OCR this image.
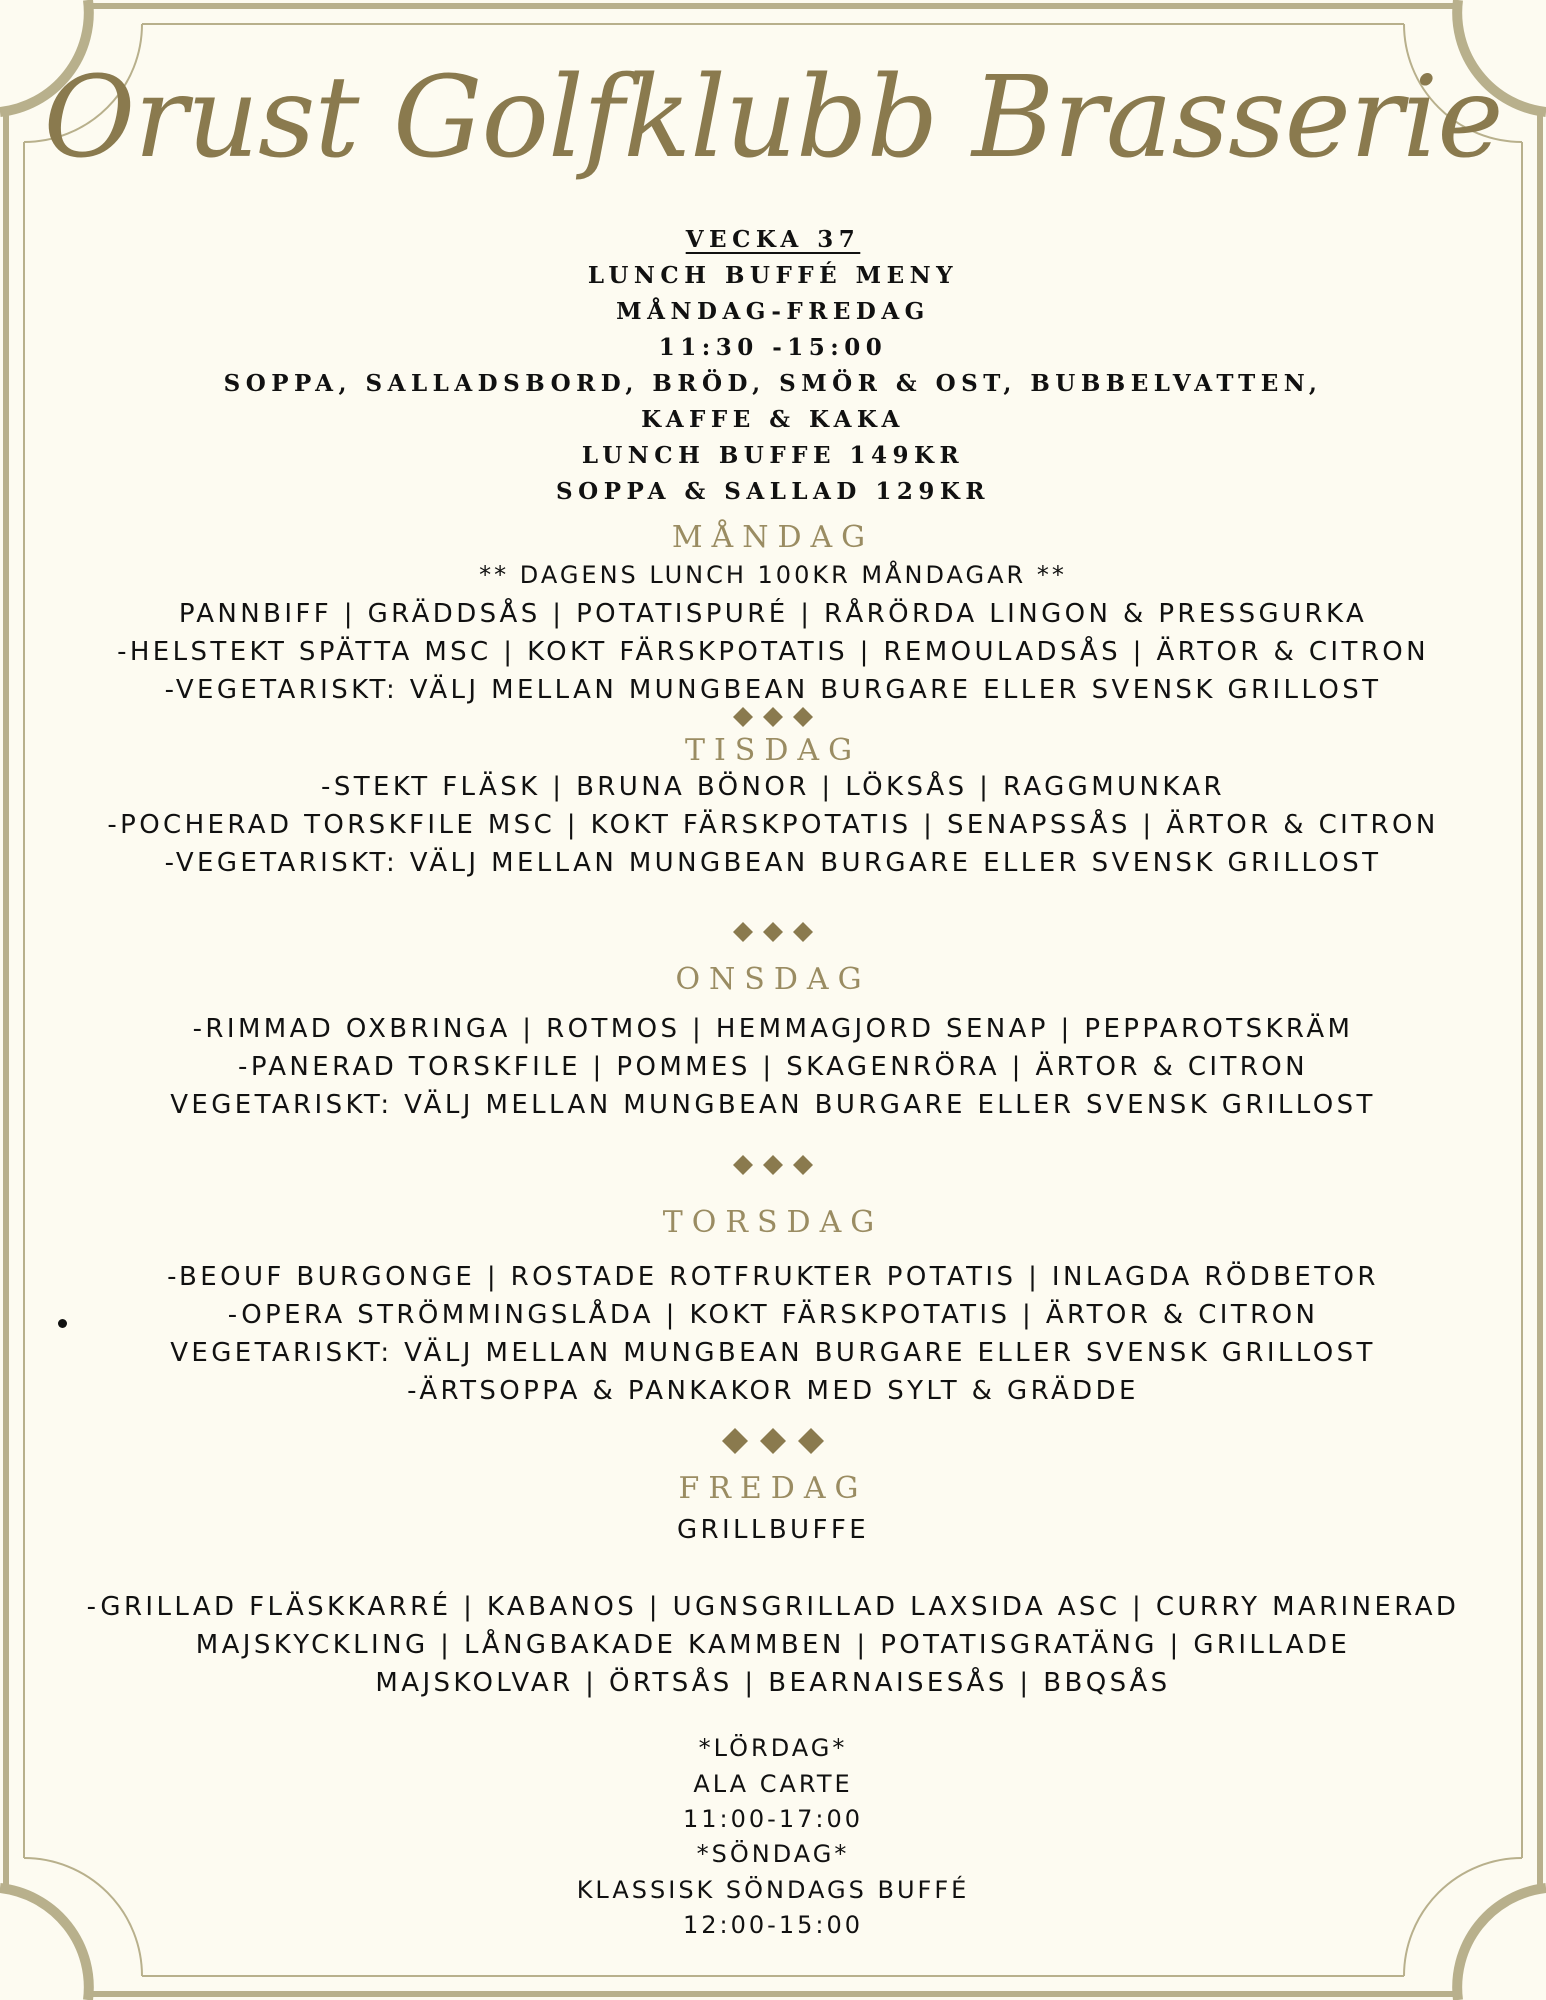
Orust Golfklubb Brasserie
VECKA 37
LUNCH BUFFÉ MENY
MÅNDAG-FREDAG
11:30 -15:00
SOPPA, SALLADSBORD, BRÖD, SMÖR & OST, BUBBELVATTEN,
KAFFE & KAKA
LUNCH BUFFE 149KR
SOPPA & SALLAD 129KR
MÅNDAG
** DAGENS LUNCH 100KR MÅNDAGAR **
PANNBIFF | GRÄDDSÅS | POTATISPURÉ | RÅRÖRDA LINGON & PRESSGURKA
-HELSTEKT SPÄTTA MSC | KOKT FÄRSKPOTATIS | REMOULADSÅS | ÄRTOR & CITRON
-VEGETARISKT: VÄLJ MELLAN MUNGBEAN BURGARE ELLER SVENSK GRILLOST
TISDAG
-STEKT FLÄSK | BRUNA BÖNOR | LÖKSÅS | RAGGMUNKAR
-POCHERAD TORSKFILE MSC | KOKT FÄRSKPOTATIS | SENAPSSÅS | ÄRTOR & CITRON
-VEGETARISKT: VÄLJ MELLAN MUNGBEAN BURGARE ELLER SVENSK GRILLOST
ONSDAG
-RIMMAD OXBRINGA | ROTMOS | HEMMAGJORD SENAP | PEPPAROTSKRÄM
-PANERAD TORSKFILE | POMMES | SKAGENRÖRA | ÄRTOR & CITRON
VEGETARISKT: VÄLJ MELLAN MUNGBEAN BURGARE ELLER SVENSK GRILLOST
TORSDAG
-BEOUF BURGONGE | ROSTADE ROTFRUKTER POTATIS | INLAGDA RÖDBETOR
-OPERA STRÖMMINGSLÅDA | KOKT FÄRSKPOTATIS | ÄRTOR & CITRON
VEGETARISKT: VÄLJ MELLAN MUNGBEAN BURGARE ELLER SVENSK GRILLOST
-ÄRTSOPPA & PANKAKOR MED SYLT & GRÄDDE
FREDAG
GRILLBUFFE
-GRILLAD FLÄSKKARRÉ | KABANOS | UGNSGRILLAD LAXSIDA ASC | CURRY MARINERAD
MAJSKYCKLING | LÅNGBAKADE KAMMBEN | POTATISGRATÄNG | GRILLADE
MAJSKOLVAR | ÖRTSÅS | BEARNAISESÅS | BBQSÅS
*LÖRDAG*
ALA CARTE
11:00-17:00
*SÖNDAG*
KLASSISK SÖNDAGS BUFFÉ
12:00-15:00
